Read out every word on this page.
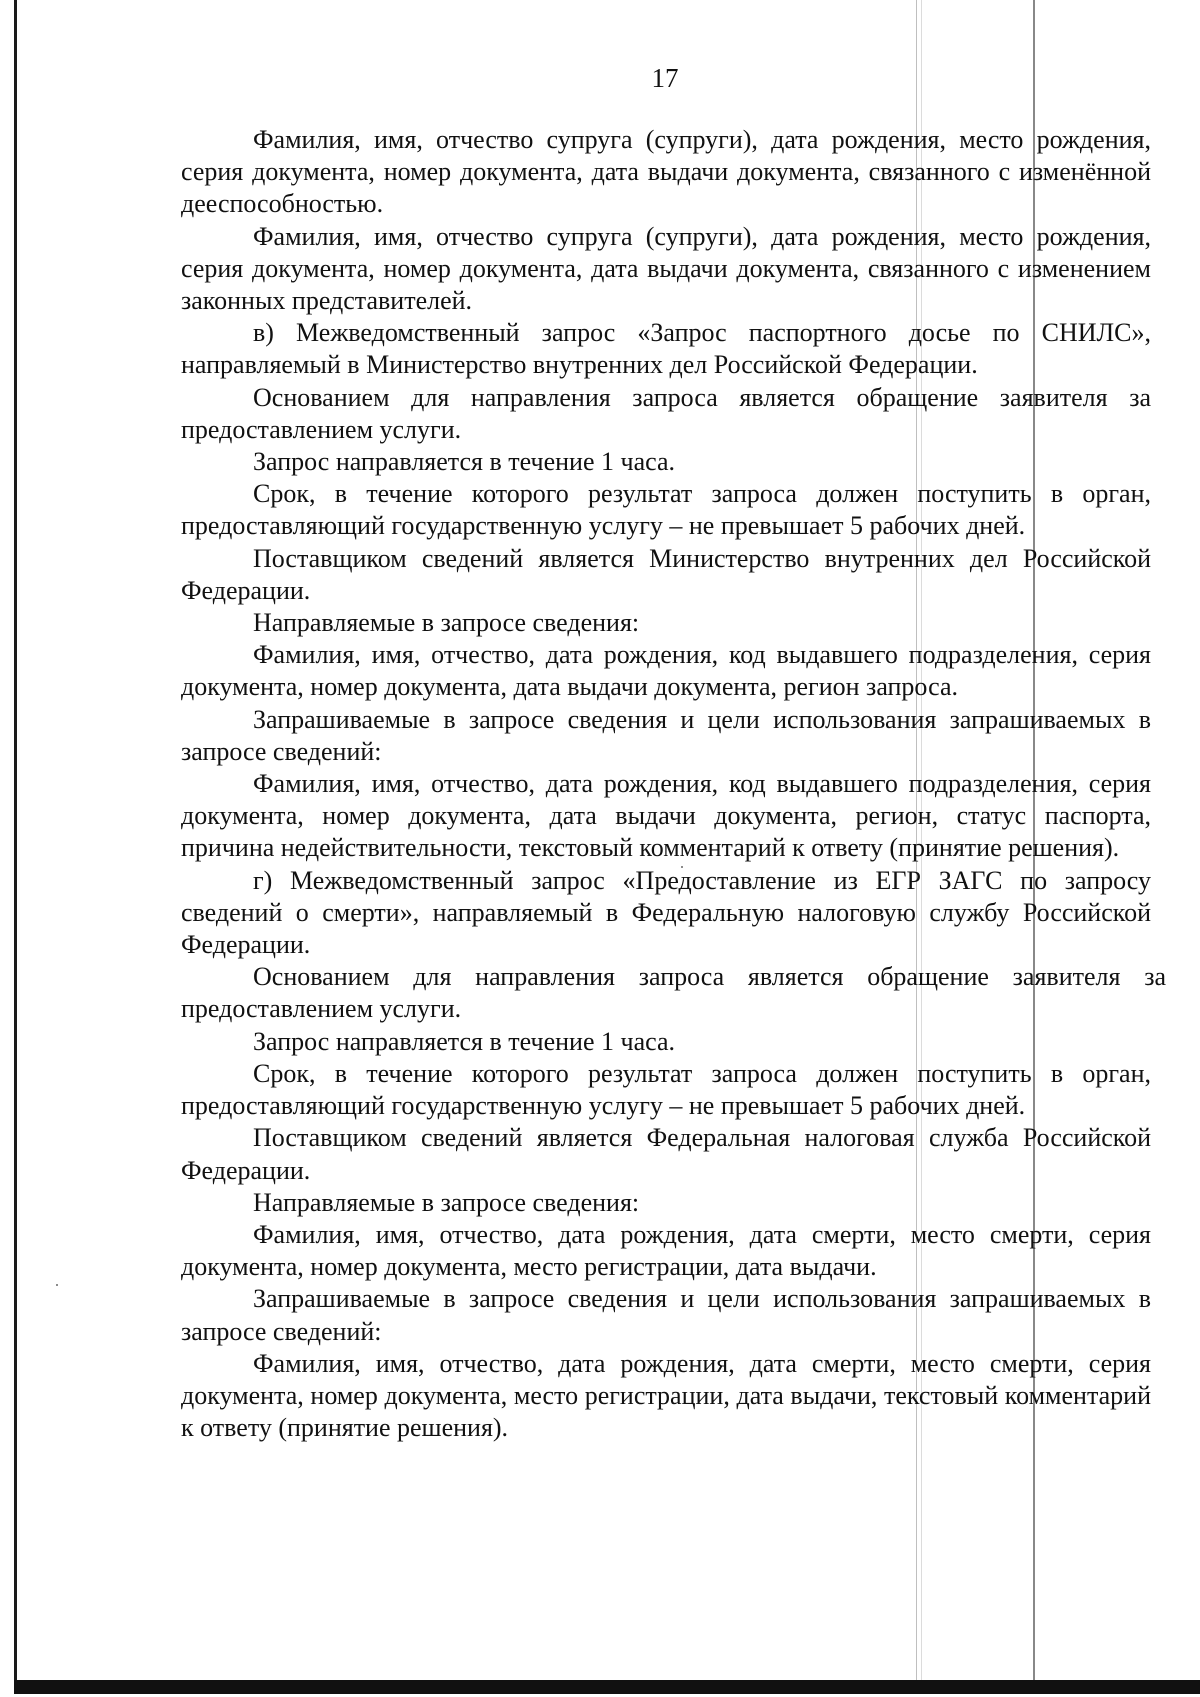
17

Фамилия, имя, отчество супруга (супруги), дата рождения, место рождения, серия документа, номер документа, дата выдачи документа, связанного с изменённой дееспособностью.

Фамилия, имя, отчество супруга (супруги), дата рождения, место рождения, серия документа, номер документа, дата выдачи документа, связанного с изменением законных представителей.

в) Межведомственный запрос «Запрос паспортного досье по СНИЛС», направляемый в Министерство внутренних дел Российской Федерации.

Основанием для направления запроса является обращение заявителя за предоставлением услуги.

Запрос направляется в течение 1 часа.

Срок, в течение которого результат запроса должен поступить в орган, предоставляющий государственную услугу – не превышает 5 рабочих дней.

Поставщиком сведений является Министерство внутренних дел Российской Федерации.

Направляемые в запросе сведения:

Фамилия, имя, отчество, дата рождения, код выдавшего подразделения, серия документа, номер документа, дата выдачи документа, регион запроса.

Запрашиваемые в запросе сведения и цели использования запрашиваемых в запросе сведений:

Фамилия, имя, отчество, дата рождения, код выдавшего подразделения, серия документа, номер документа, дата выдачи документа, регион, статус паспорта, причина недействительности, текстовый комментарий к ответу (принятие решения).

г) Межведомственный запрос «Предоставление из ЕГР ЗАГС по запросу сведений о смерти», направляемый в Федеральную налоговую службу Российской Федерации.

Основанием для направления запроса является обращение заявителя за предоставлением услуги.

Запрос направляется в течение 1 часа.

Срок, в течение которого результат запроса должен поступить в орган, предоставляющий государственную услугу – не превышает 5 рабочих дней.

Поставщиком сведений является Федеральная налоговая служба Российской Федерации.

Направляемые в запросе сведения:

Фамилия, имя, отчество, дата рождения, дата смерти, место смерти, серия документа, номер документа, место регистрации, дата выдачи.

Запрашиваемые в запросе сведения и цели использования запрашиваемых в запросе сведений:

Фамилия, имя, отчество, дата рождения, дата смерти, место смерти, серия документа, номер документа, место регистрации, дата выдачи, текстовый комментарий к ответу (принятие решения).
